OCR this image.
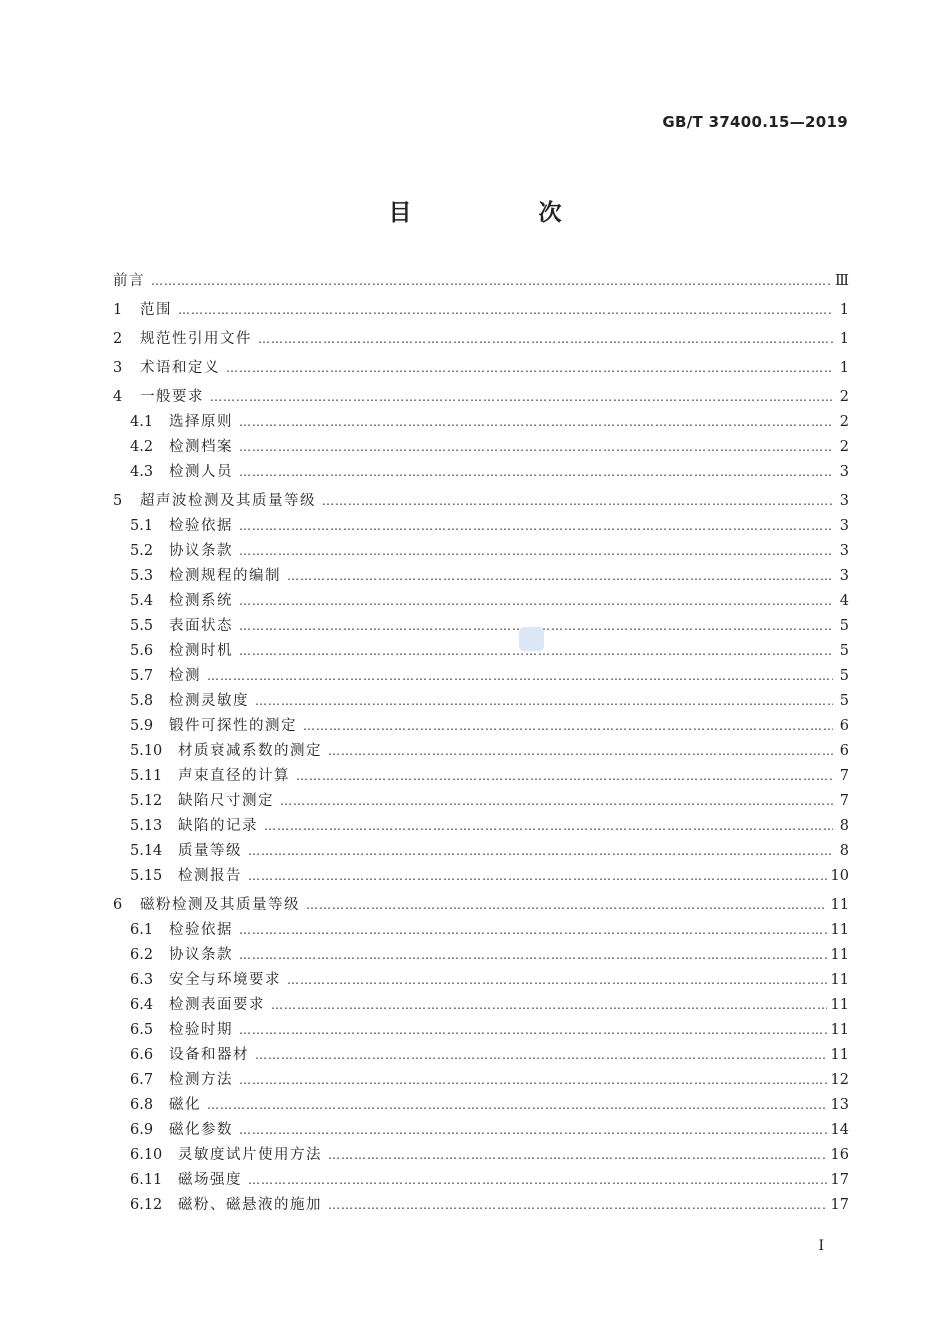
GB/T 37400.15—2019
目　次
前言 …………………………………………………………………………………………………………………………………………………………………………	Ⅲ
1	范围 …………………………………………………………………………………………………………………………………………………………………………	1
2	规范性引用文件 …………………………………………………………………………………………………………………………………………………………………………	1
3	术语和定义 …………………………………………………………………………………………………………………………………………………………………………	1
4	一般要求 …………………………………………………………………………………………………………………………………………………………………………	2
4.1	选择原则 …………………………………………………………………………………………………………………………………………………………………………	2
4.2	检测档案 …………………………………………………………………………………………………………………………………………………………………………	2
4.3	检测人员 …………………………………………………………………………………………………………………………………………………………………………	3
5	超声波检测及其质量等级 …………………………………………………………………………………………………………………………………………………………………………	3
5.1	检验依据 …………………………………………………………………………………………………………………………………………………………………………	3
5.2	协议条款 …………………………………………………………………………………………………………………………………………………………………………	3
5.3	检测规程的编制 …………………………………………………………………………………………………………………………………………………………………………	3
5.4	检测系统 …………………………………………………………………………………………………………………………………………………………………………	4
5.5	表面状态 …………………………………………………………………………………………………………………………………………………………………………	5
5.6	检测时机 …………………………………………………………………………………………………………………………………………………………………………	5
5.7	检测 …………………………………………………………………………………………………………………………………………………………………………	5
5.8	检测灵敏度 …………………………………………………………………………………………………………………………………………………………………………	5
5.9	锻件可探性的测定 …………………………………………………………………………………………………………………………………………………………………………	6
5.10	材质衰减系数的测定 …………………………………………………………………………………………………………………………………………………………………………	6
5.11	声束直径的计算 …………………………………………………………………………………………………………………………………………………………………………	7
5.12	缺陷尺寸测定 …………………………………………………………………………………………………………………………………………………………………………	7
5.13	缺陷的记录 …………………………………………………………………………………………………………………………………………………………………………	8
5.14	质量等级 …………………………………………………………………………………………………………………………………………………………………………	8
5.15	检测报告 …………………………………………………………………………………………………………………………………………………………………………	10
6	磁粉检测及其质量等级 …………………………………………………………………………………………………………………………………………………………………………	11
6.1	检验依据 …………………………………………………………………………………………………………………………………………………………………………	11
6.2	协议条款 …………………………………………………………………………………………………………………………………………………………………………	11
6.3	安全与环境要求 …………………………………………………………………………………………………………………………………………………………………………	11
6.4	检测表面要求 …………………………………………………………………………………………………………………………………………………………………………	11
6.5	检验时期 …………………………………………………………………………………………………………………………………………………………………………	11
6.6	设备和器材 …………………………………………………………………………………………………………………………………………………………………………	11
6.7	检测方法 …………………………………………………………………………………………………………………………………………………………………………	12
6.8	磁化 …………………………………………………………………………………………………………………………………………………………………………	13
6.9	磁化参数 …………………………………………………………………………………………………………………………………………………………………………	14
6.10	灵敏度试片使用方法 …………………………………………………………………………………………………………………………………………………………………………	16
6.11	磁场强度 …………………………………………………………………………………………………………………………………………………………………………	17
6.12	磁粉、磁悬液的施加 …………………………………………………………………………………………………………………………………………………………………………	17
I
